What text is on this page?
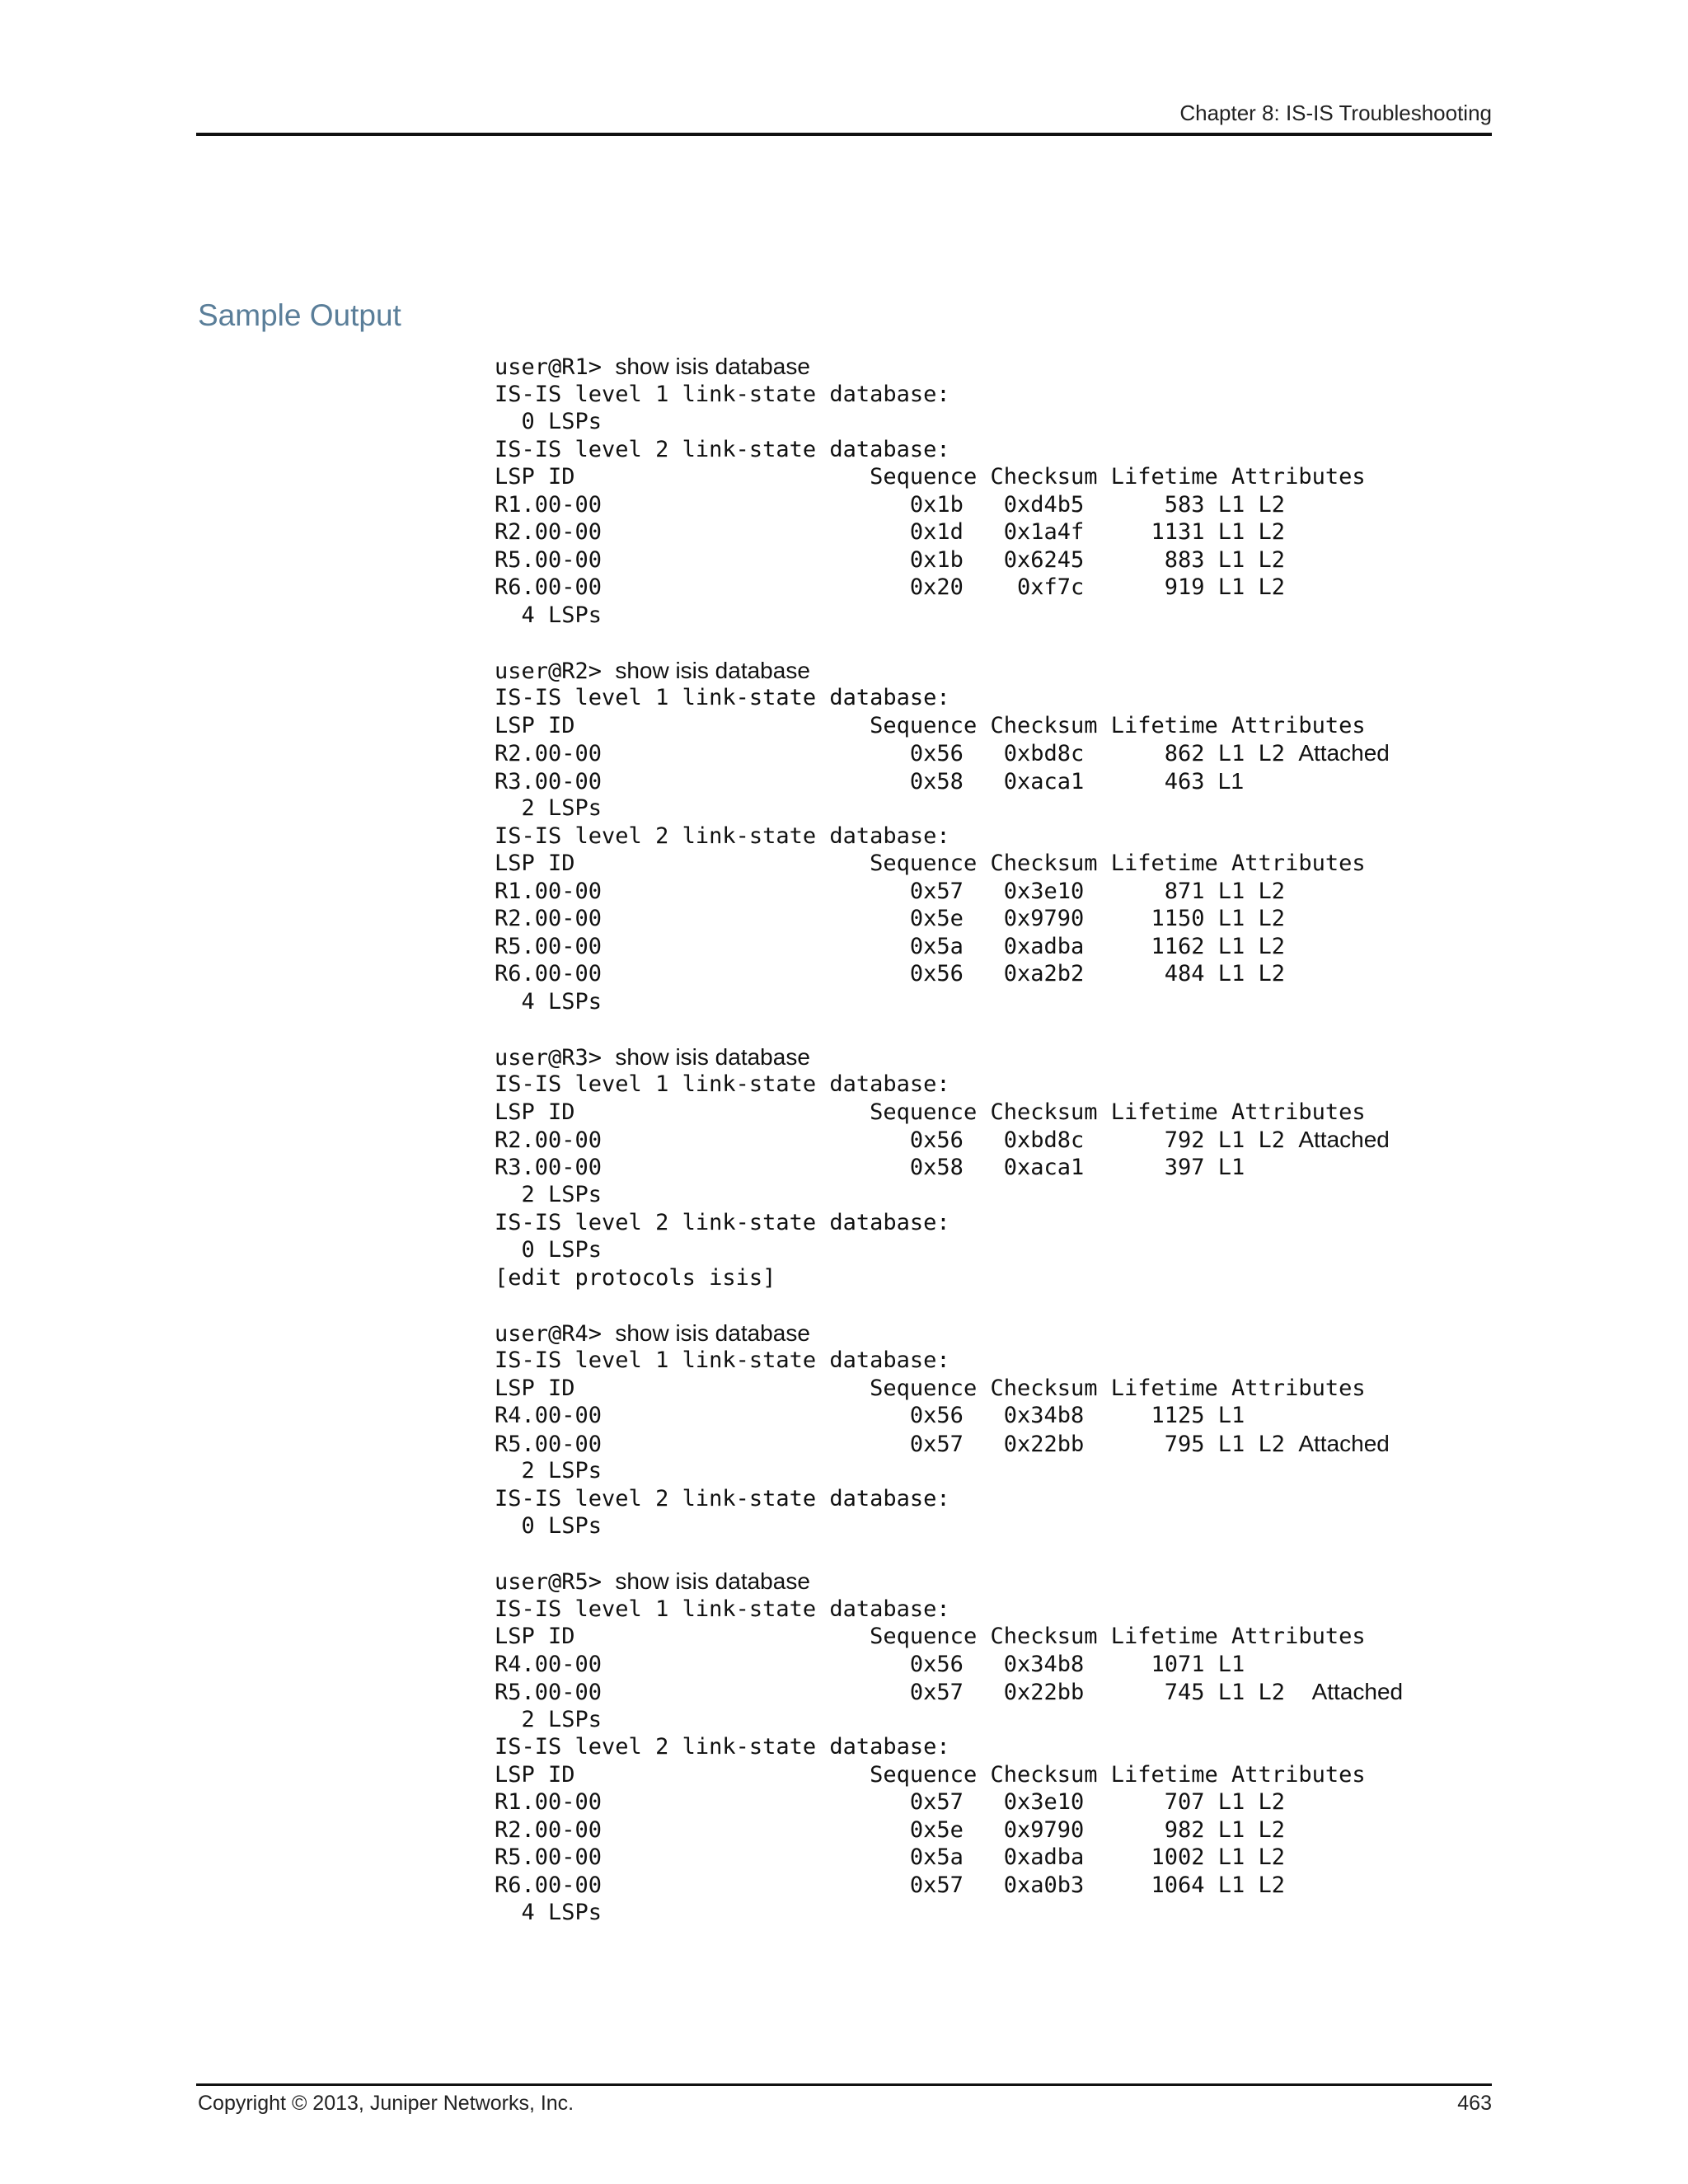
Chapter 8: IS-IS Troubleshooting
Sample Output
user@R1> show isis database
IS-IS level 1 link-state database:
0 LSPs
IS-IS level 2 link-state database:
LSP ID                      Sequence Checksum Lifetime Attributes
R1.00-00                       0x1b   0xd4b5      583 L1 L2
R2.00-00                       0x1d   0x1a4f     1131 L1 L2
R5.00-00                       0x1b   0x6245      883 L1 L2
R6.00-00                       0x20    0xf7c      919 L1 L2
4 LSPs
user@R2> show isis database
IS-IS level 1 link-state database:
LSP ID                      Sequence Checksum Lifetime Attributes
R2.00-00                       0x56   0xbd8c      862 L1 L2 Attached
R3.00-00                       0x58   0xaca1      463 L1
2 LSPs
IS-IS level 2 link-state database:
LSP ID                      Sequence Checksum Lifetime Attributes
R1.00-00                       0x57   0x3e10      871 L1 L2
R2.00-00                       0x5e   0x9790     1150 L1 L2
R5.00-00                       0x5a   0xadba     1162 L1 L2
R6.00-00                       0x56   0xa2b2      484 L1 L2
4 LSPs
user@R3> show isis database
IS-IS level 1 link-state database:
LSP ID                      Sequence Checksum Lifetime Attributes
R2.00-00                       0x56   0xbd8c      792 L1 L2 Attached
R3.00-00                       0x58   0xaca1      397 L1
2 LSPs
IS-IS level 2 link-state database:
0 LSPs
[edit protocols isis]
user@R4> show isis database
IS-IS level 1 link-state database:
LSP ID                      Sequence Checksum Lifetime Attributes
R4.00-00                       0x56   0x34b8     1125 L1
R5.00-00                       0x57   0x22bb      795 L1 L2 Attached
2 LSPs
IS-IS level 2 link-state database:
0 LSPs
user@R5> show isis database
IS-IS level 1 link-state database:
LSP ID                      Sequence Checksum Lifetime Attributes
R4.00-00                       0x56   0x34b8     1071 L1
R5.00-00                       0x57   0x22bb      745 L1 L2  Attached
2 LSPs
IS-IS level 2 link-state database:
LSP ID                      Sequence Checksum Lifetime Attributes
R1.00-00                       0x57   0x3e10      707 L1 L2
R2.00-00                       0x5e   0x9790      982 L1 L2
R5.00-00                       0x5a   0xadba     1002 L1 L2
R6.00-00                       0x57   0xa0b3     1064 L1 L2
4 LSPs
Copyright © 2013, Juniper Networks, Inc.	463
